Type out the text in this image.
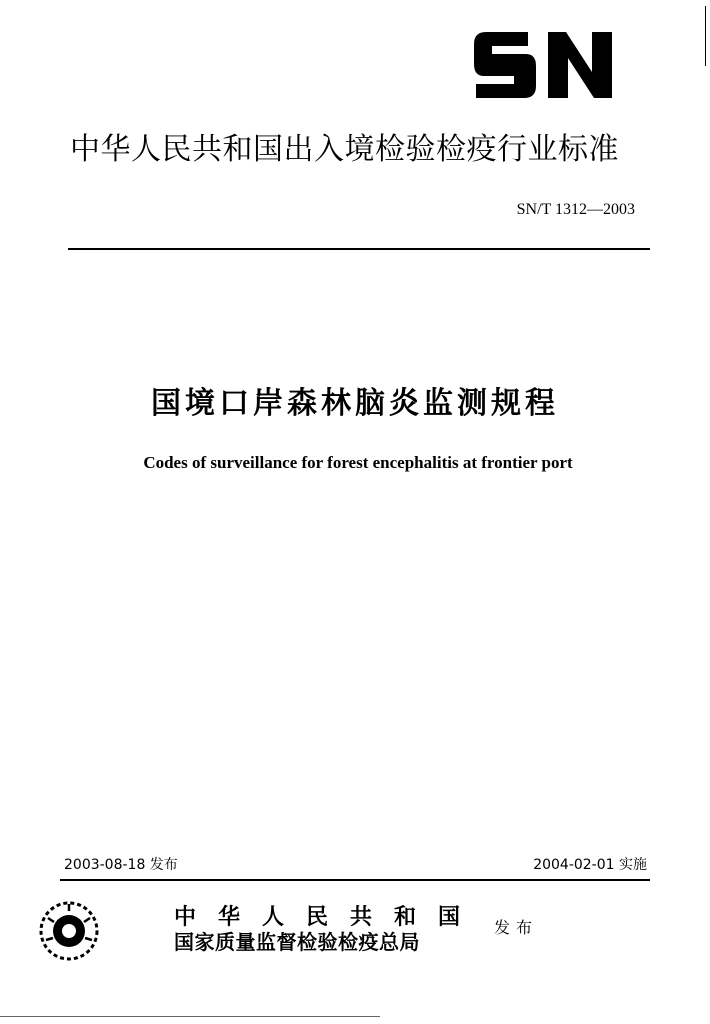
中华人民共和国出入境检验检疫行业标准
SN/T 1312—2003
国境口岸森林脑炎监测规程
Codes of surveillance for forest encephalitis at frontier port
2003-08-18 发布	2004-02-01 实施
中华人民共和国
国家质量监督检验检疫总局
发布
